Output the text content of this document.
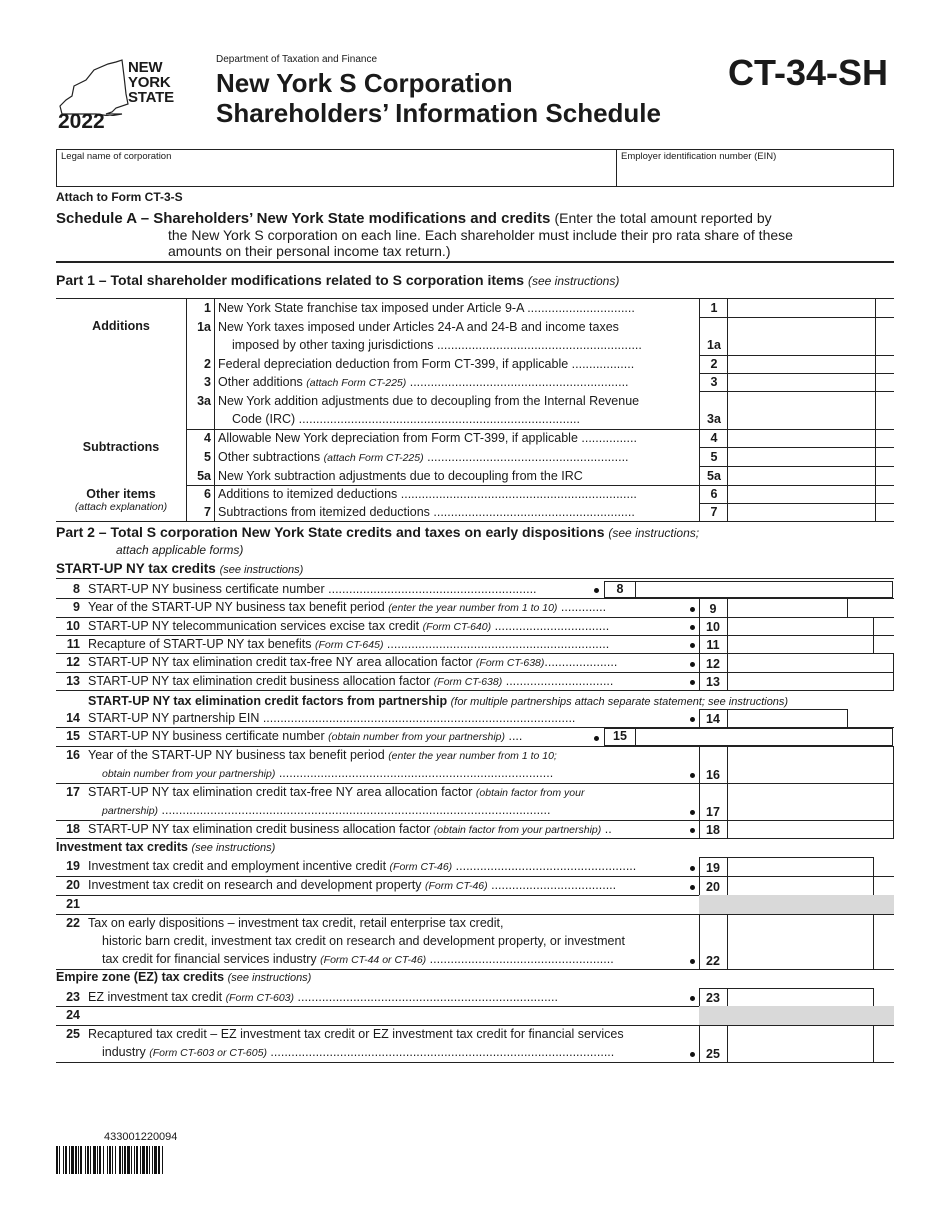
NEW
YORK
STATE
2022
Department of Taxation and Finance
New York S Corporation
Shareholders’ Information Schedule
CT-34-SH
Legal name of corporation	Employer identification number (EIN)
Attach to Form CT-3-S
Schedule A – Shareholders’ New York State modifications and credits (Enter the total amount reported by
the New York S corporation on each line. Each shareholder must include their pro rata share of these
amounts on their personal income tax return.)
Part 1 – Total shareholder modifications related to S corporation items (see instructions)
Additions
Subtractions
Other items
(attach explanation)
1 New York State franchise tax imposed under Article 9-A ...............................	1
1a New York taxes imposed under Articles 24-A and 24-B and income taxes
imposed by other taxing jurisdictions ...........................................................	1a
2 Federal depreciation deduction from Form CT-399, if applicable ..................	2
3 Other additions (attach Form CT-225) ...............................................................	3
3a New York addition adjustments due to decoupling from the Internal Revenue
Code (IRC) .................................................................................	3a
4 Allowable New York depreciation from Form CT-399, if applicable ................	4
5 Other subtractions (attach Form CT-225) ..........................................................	5
5a New York subtraction adjustments due to decoupling from the IRC	5a
6 Additions to itemized deductions ....................................................................	6
7 Subtractions from itemized deductions ..........................................................	7
Part 2 – Total S corporation New York State credits and taxes on early dispositions (see instructions;
attach applicable forms)
START-UP NY tax credits (see instructions)
8 START-UP NY business certificate number ............................................................	8
9 Year of the START-UP NY business tax benefit period (enter the year number from 1 to 10) .............	9
10 START-UP NY telecommunication services excise tax credit (Form CT-640) .................................	10
11 Recapture of START-UP NY tax benefits (Form CT-645) ................................................................	11
12 START-UP NY tax elimination credit tax-free NY area allocation factor (Form CT-638).....................	12
13 START-UP NY tax elimination credit business allocation factor (Form CT-638) ...............................	13
14 START-UP NY partnership EIN ..........................................................................................	14
15 START-UP NY business certificate number (obtain number from your partnership) ....	15
16 Year of the START-UP NY business tax benefit period (enter the year number from 1 to 10;
obtain number from your partnership) ...............................................................................	16
17 START-UP NY tax elimination credit tax-free NY area allocation factor (obtain factor from your
partnership) ................................................................................................................	17
18 START-UP NY tax elimination credit business allocation factor (obtain factor from your partnership) ..	18
19 Investment tax credit and employment incentive credit (Form CT-46) ....................................................	19
20 Investment tax credit on research and development property (Form CT-46) ....................................	20
21
22 Tax on early dispositions – investment tax credit, retail enterprise tax credit,
historic barn credit, investment tax credit on research and development property, or investment
tax credit for financial services industry (Form CT-44 or CT-46) .....................................................	22
23 EZ investment tax credit (Form CT-603) ...........................................................................	23
24
25 Recaptured tax credit – EZ investment tax credit or EZ investment tax credit for financial services
industry (Form CT-603 or CT-605) ...................................................................................................	25
START-UP NY tax elimination credit factors from partnership (for multiple partnerships attach separate statement; see instructions)
Investment tax credits (see instructions)
Empire zone (EZ) tax credits (see instructions)
433001220094
